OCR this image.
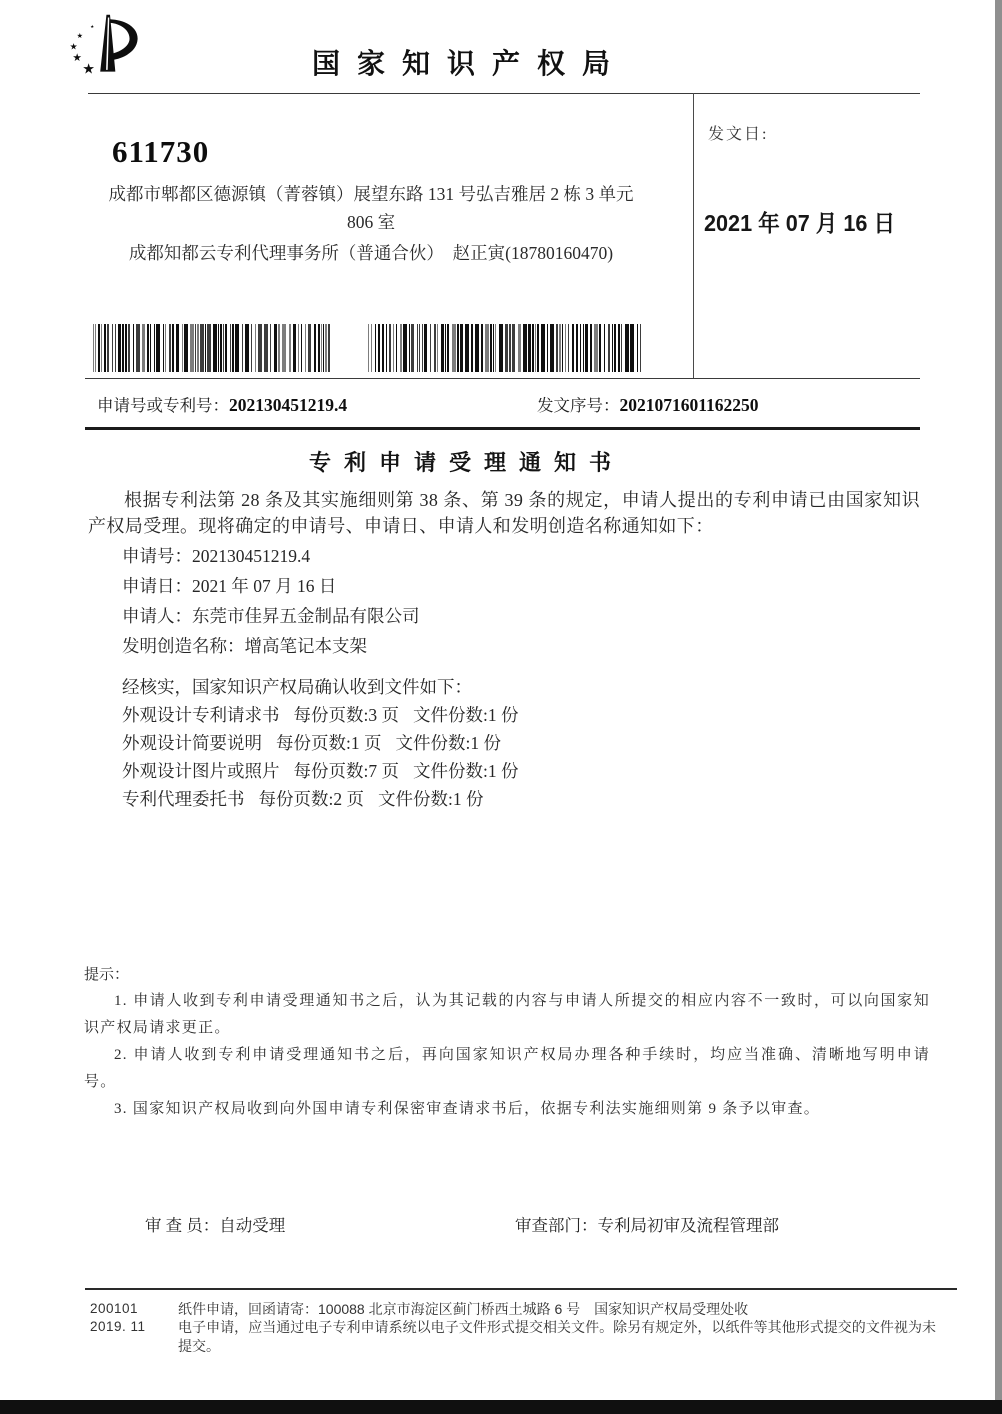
★
★
★
★
★
国家知识产权局
611730
成都市郫都区德源镇（菁蓉镇）展望东路 131 号弘吉雅居 2 栋 3 单元
806 室
成都知都云专利代理事务所（普通合伙）　赵正寅(18780160470)
发文日:
2021 年 07 月 16 日
申请号或专利号：202130451219.4	发文序号：2021071601162250
专利申请受理通知书
根据专利法第 28 条及其实施细则第 38 条、第 39 条的规定，申请人提出的专利申请已由国家知识产权局受理。现将确定的申请号、申请日、申请人和发明创造名称通知如下：
申请号：202130451219.4
申请日：2021 年 07 月 16 日
申请人：东莞市佳昇五金制品有限公司
发明创造名称：增高笔记本支架
经核实，国家知识产权局确认收到文件如下：
外观设计专利请求书 每份页数:3 页 文件份数:1 份
外观设计简要说明 每份页数:1 页 文件份数:1 份
外观设计图片或照片 每份页数:7 页 文件份数:1 份
专利代理委托书 每份页数:2 页 文件份数:1 份
提示：

1. 申请人收到专利申请受理通知书之后，认为其记载的内容与申请人所提交的相应内容不一致时，可以向国家知识产权局请求更正。

2. 申请人收到专利申请受理通知书之后，再向国家知识产权局办理各种手续时，均应当准确、清晰地写明申请号。

3. 国家知识产权局收到向外国申请专利保密审查请求书后，依据专利法实施细则第 9 条予以审查。

审 查 员：自动受理	审查部门：专利局初审及流程管理部
200101
2019. 11
纸件申请，回函请寄：100088 北京市海淀区蓟门桥西土城路 6 号　国家知识产权局受理处收
电子申请，应当通过电子专利申请系统以电子文件形式提交相关文件。除另有规定外，以纸件等其他形式提交的文件视为未提交。
